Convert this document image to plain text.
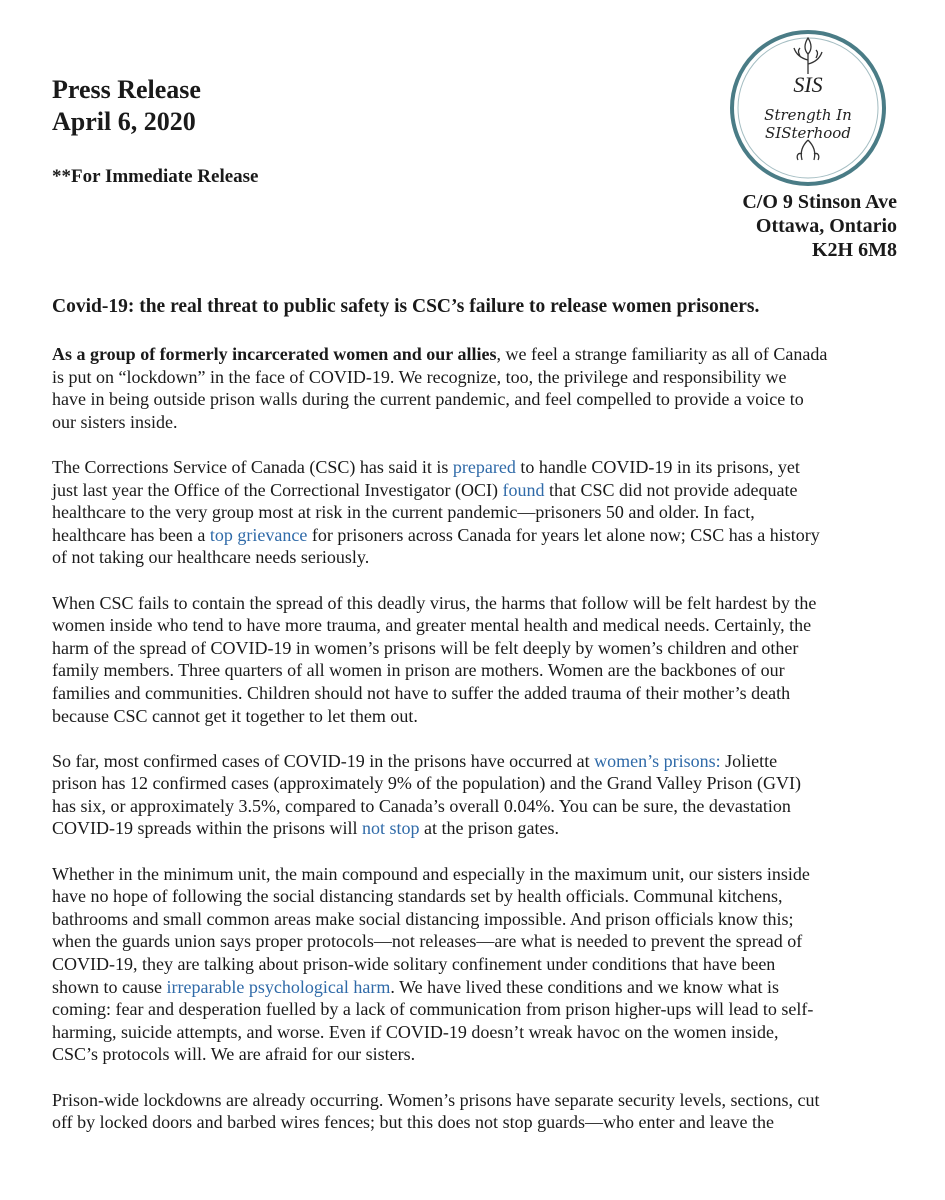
Press Release
April 6, 2020
**For Immediate Release
SIS
Strength In
SISterhood
C/O 9 Stinson Ave
Ottawa, Ontario
K2H 6M8
Covid-19: the real threat to public safety is CSC’s failure to release women prisoners.
As a group of formerly incarcerated women and our allies, we feel a strange familiarity as all of Canada
is put on “lockdown” in the face of COVID-19. We recognize, too, the privilege and responsibility we
have in being outside prison walls during the current pandemic, and feel compelled to provide a voice to
our sisters inside.
The Corrections Service of Canada (CSC) has said it is prepared to handle COVID-19 in its prisons, yet
just last year the Office of the Correctional Investigator (OCI) found that CSC did not provide adequate
healthcare to the very group most at risk in the current pandemic—prisoners 50 and older. In fact,
healthcare has been a top grievance for prisoners across Canada for years let alone now; CSC has a history
of not taking our healthcare needs seriously.
When CSC fails to contain the spread of this deadly virus, the harms that follow will be felt hardest by the
women inside who tend to have more trauma, and greater mental health and medical needs. Certainly, the
harm of the spread of COVID-19 in women’s prisons will be felt deeply by women’s children and other
family members. Three quarters of all women in prison are mothers. Women are the backbones of our
families and communities. Children should not have to suffer the added trauma of their mother’s death
because CSC cannot get it together to let them out.
So far, most confirmed cases of COVID-19 in the prisons have occurred at women’s prisons: Joliette
prison has 12 confirmed cases (approximately 9% of the population) and the Grand Valley Prison (GVI)
has six, or approximately 3.5%, compared to Canada’s overall 0.04%. You can be sure, the devastation
COVID-19 spreads within the prisons will not stop at the prison gates.
Whether in the minimum unit, the main compound and especially in the maximum unit, our sisters inside
have no hope of following the social distancing standards set by health officials. Communal kitchens,
bathrooms and small common areas make social distancing impossible. And prison officials know this;
when the guards union says proper protocols—not releases—are what is needed to prevent the spread of
COVID-19, they are talking about prison-wide solitary confinement under conditions that have been
shown to cause irreparable psychological harm. We have lived these conditions and we know what is
coming: fear and desperation fuelled by a lack of communication from prison higher-ups will lead to self-
harming, suicide attempts, and worse. Even if COVID-19 doesn’t wreak havoc on the women inside,
CSC’s protocols will. We are afraid for our sisters.
Prison-wide lockdowns are already occurring. Women’s prisons have separate security levels, sections, cut
off by locked doors and barbed wires fences; but this does not stop guards—who enter and leave the
